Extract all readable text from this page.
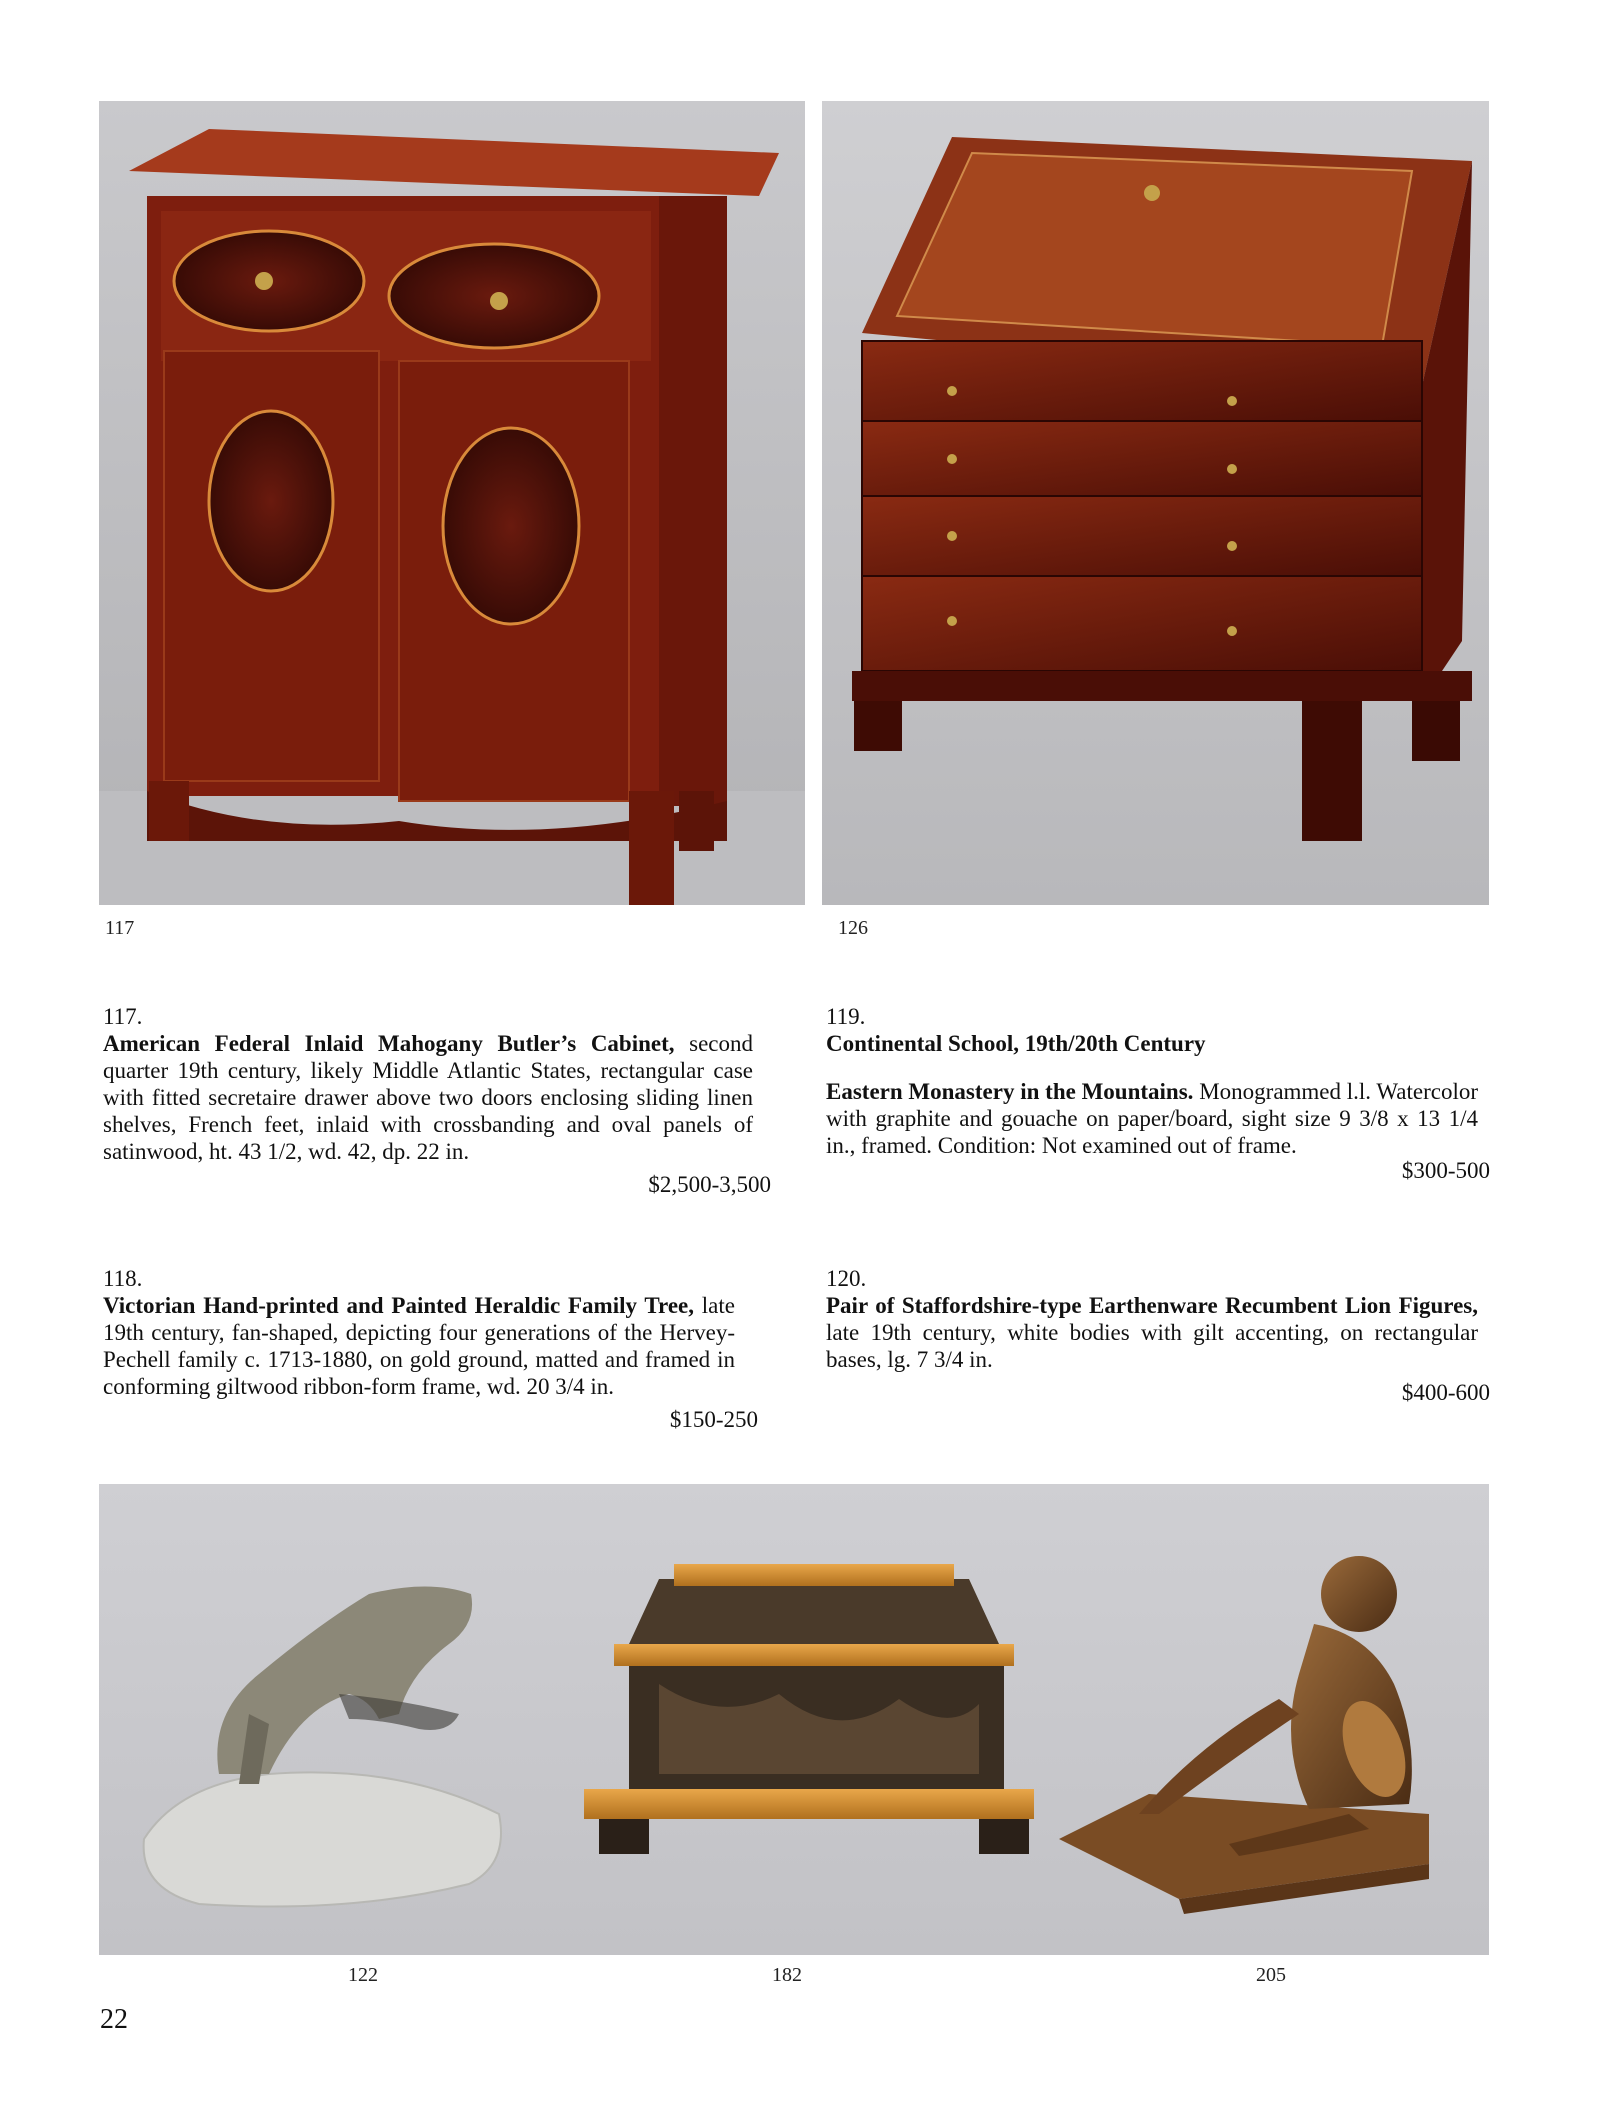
117	126
117.

American Federal Inlaid Mahogany Butler’s Cabinet, second quarter 19th century, likely Middle Atlantic States, rectangular case with fitted secretaire drawer above two doors enclosing sliding linen shelves, French feet, inlaid with crossbanding and oval panels of satinwood, ht. 43 1/2, wd. 42, dp. 22 in.

$2,500-3,500
118.

Victorian Hand-printed and Painted Heraldic Family Tree, late 19th century, fan-shaped, depicting four generations of the Hervey-Pechell family c. 1713-1880, on gold ground, matted and framed in conforming giltwood ribbon-form frame, wd. 20 3/4 in.

$150-250
119.
Continental School, 19th/20th Century

Eastern Monastery in the Mountains. Monogrammed l.l. Watercolor with graphite and gouache on paper/board, sight size 9 3/8 x 13 1/4 in., framed. Condition: Not examined out of frame.

$300-500
120.

Pair of Staffordshire-type Earthenware Recumbent Lion Figures, late 19th century, white bodies with gilt accenting, on rectangular bases, lg. 7 3/4 in.

$400-600
122	182	205
22
